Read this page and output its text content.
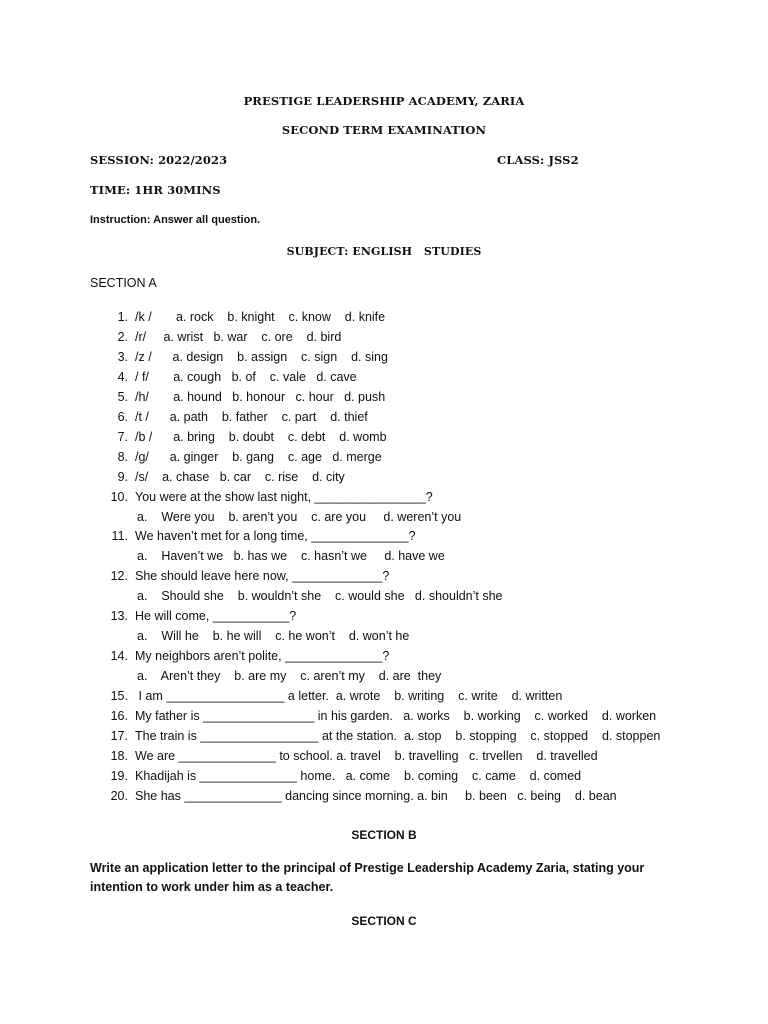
PRESTIGE LEADERSHIP ACADEMY, ZARIA
SECOND TERM EXAMINATION
SESSION: 2022/2023	CLASS: JSS2
TIME: 1HR 30MINS
Instruction: Answer all question.
SUBJECT: ENGLISH   STUDIES
SECTION A
1. /k /       a. rock    b. knight    c. know    d. knife
2. /r/     a. wrist   b. war    c. ore    d. bird
3. /z /      a. design    b. assign    c. sign    d. sing
4. / f/       a. cough   b. of    c. vale   d. cave
5. /h/       a. hound   b. honour   c. hour   d. push
6. /t /      a. path    b. father    c. part    d. thief
7. /b /      a. bring    b. doubt    c. debt    d. womb
8. /g/      a. ginger    b. gang    c. age   d. merge
9. /s/    a. chase   b. car    c. rise    d. city
10. You were at the show last night, ________________?
a.    Were you    b. aren’t you    c. are you     d. weren’t you
11. We haven’t met for a long time, ______________?
a.    Haven’t we   b. has we    c. hasn’t we     d. have we
12. She should leave here now, _____________?
a.    Should she    b. wouldn’t she    c. would she   d. shouldn’t she
13. He will come, ___________?
a.    Will he    b. he will    c. he won’t    d. won’t he
14. My neighbors aren’t polite, ______________?
a.    Aren’t they    b. are my    c. aren’t my    d. are  they
15. I am _________________ a letter.  a. wrote    b. writing    c. write    d. written
16. My father is ________________ in his garden.   a. works    b. working    c. worked    d. worken
17. The train is _________________ at the station.  a. stop    b. stopping    c. stopped    d. stoppen
18. We are ______________ to school. a. travel    b. travelling   c. trvellen    d. travelled
19. Khadijah is ______________ home.   a. come    b. coming    c. came    d. comed
20. She has ______________ dancing since morning. a. bin     b. been   c. being    d. bean
SECTION B
Write an application letter to the principal of Prestige Leadership Academy Zaria, stating your
intention to work under him as a teacher.
SECTION C
